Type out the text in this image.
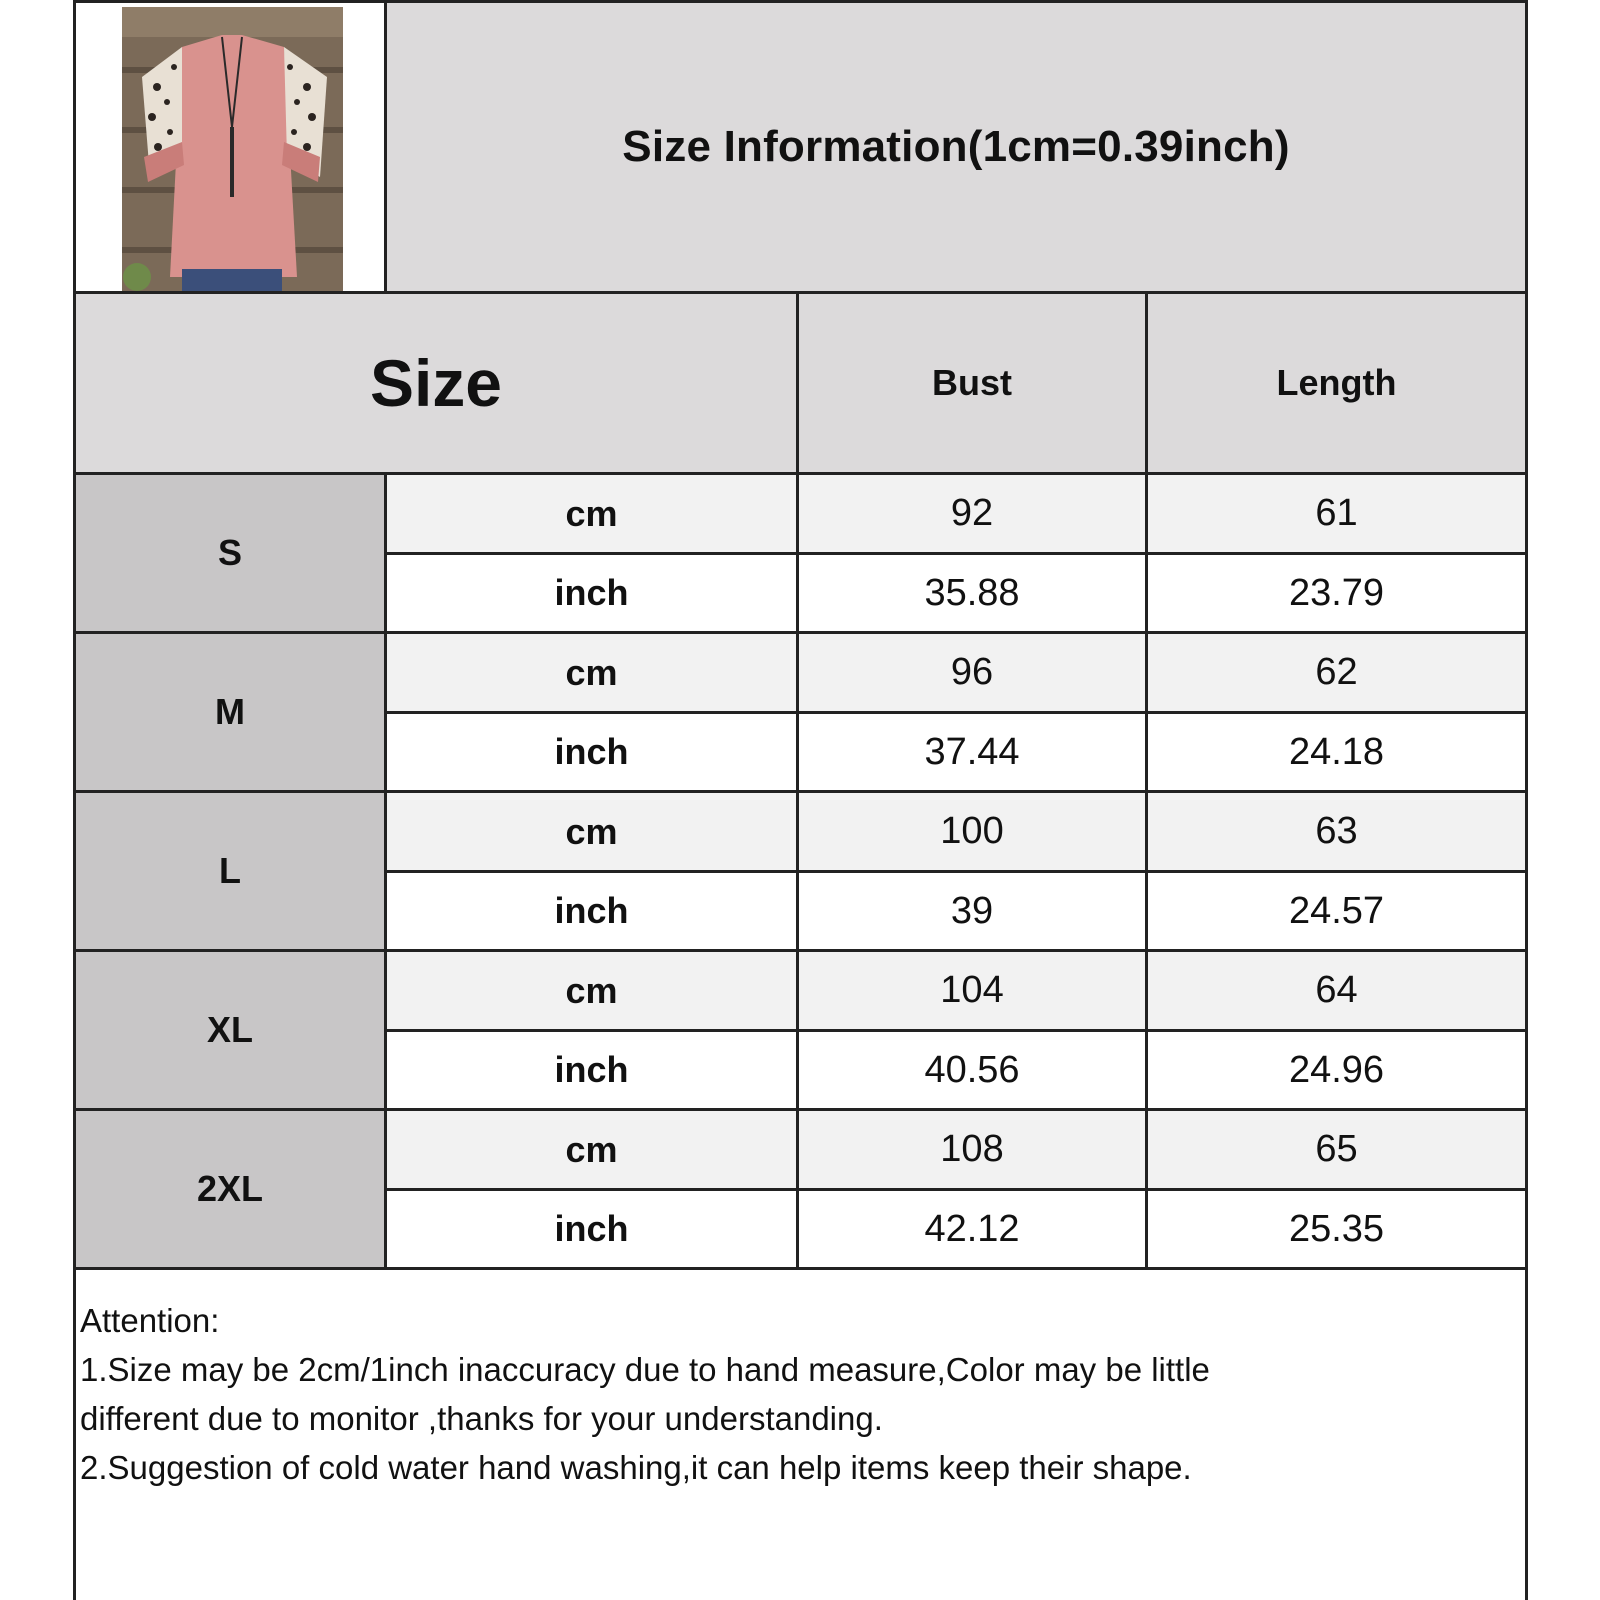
Size Information(1cm=0.39inch)
Size	Bust	Length
S
cm	92	61
inch	35.88	23.79
M
cm	96	62
inch	37.44	24.18
L
cm	100	63
inch	39	24.57
XL
cm	104	64
inch	40.56	24.96
2XL
cm	108	65
inch	42.12	25.35
Attention:
1.Size may be 2cm/1inch inaccuracy due to hand measure,Color may be little
different due to monitor ,thanks for your understanding.
2.Suggestion of cold water hand washing,it can help items keep their shape.
